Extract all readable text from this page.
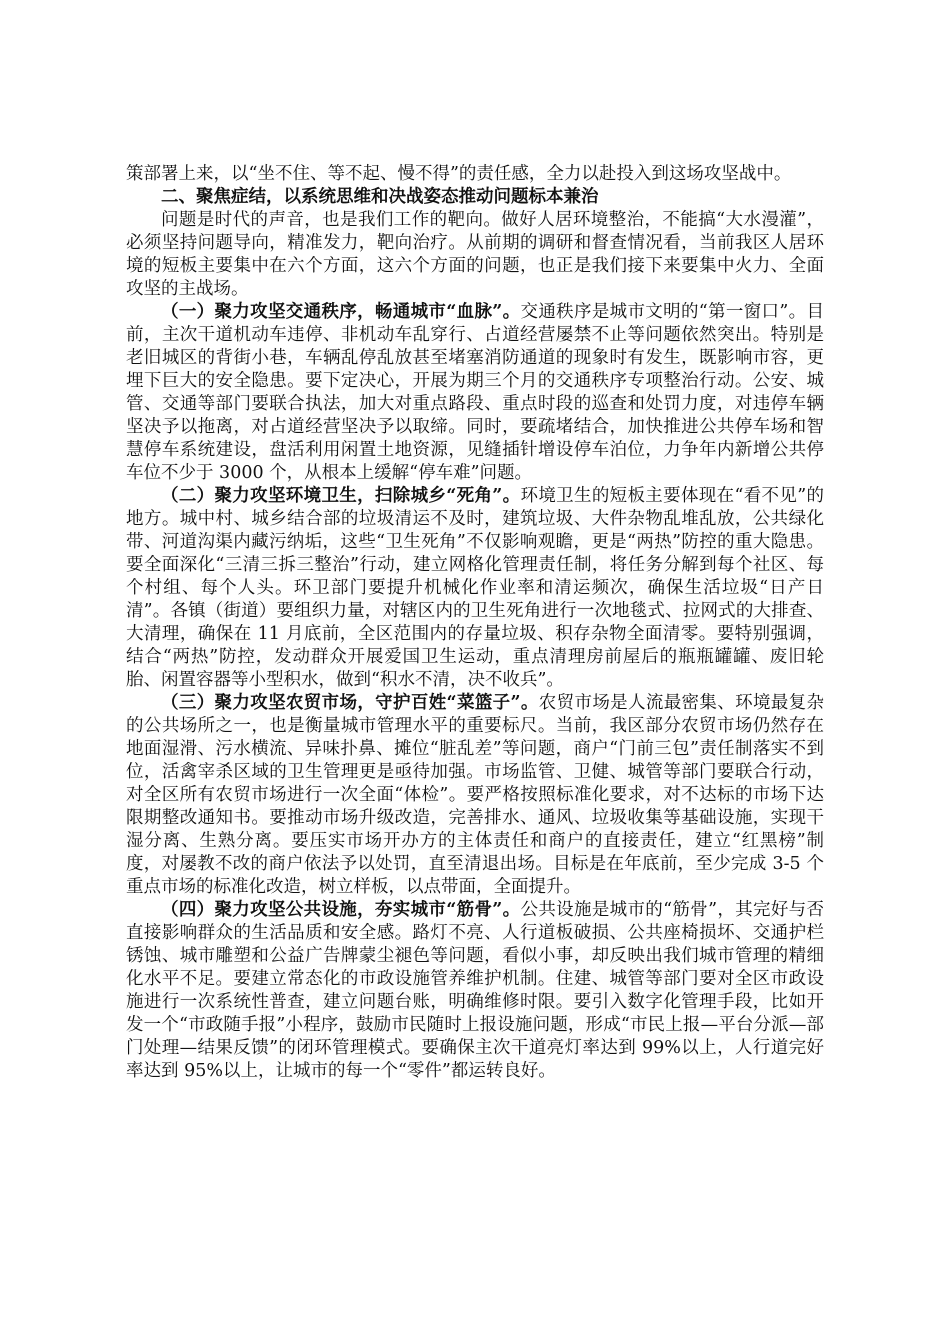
策部署上来，以“坐不住、等不起、慢不得”的责任感，全力以赴投入到这场攻坚战中。

二、聚焦症结，以系统思维和决战姿态推动问题标本兼治

问题是时代的声音，也是我们工作的靶向。做好人居环境整治，不能搞“大水漫灌”，必须坚持问题导向，精准发力，靶向治疗。从前期的调研和督查情况看，当前我区人居环境的短板主要集中在六个方面，这六个方面的问题，也正是我们接下来要集中火力、全面攻坚的主战场。

（一）聚力攻坚交通秩序，畅通城市“血脉”。交通秩序是城市文明的“第一窗口”。目前，主次干道机动车违停、非机动车乱穿行、占道经营屡禁不止等问题依然突出。特别是老旧城区的背街小巷，车辆乱停乱放甚至堵塞消防通道的现象时有发生，既影响市容，更埋下巨大的安全隐患。要下定决心，开展为期三个月的交通秩序专项整治行动。公安、城管、交通等部门要联合执法，加大对重点路段、重点时段的巡查和处罚力度，对违停车辆坚决予以拖离，对占道经营坚决予以取缔。同时，要疏堵结合，加快推进公共停车场和智慧停车系统建设，盘活利用闲置土地资源，见缝插针增设停车泊位，力争年内新增公共停车位不少于 3000 个，从根本上缓解“停车难”问题。

（二）聚力攻坚环境卫生，扫除城乡“死角”。环境卫生的短板主要体现在“看不见”的地方。城中村、城乡结合部的垃圾清运不及时，建筑垃圾、大件杂物乱堆乱放，公共绿化带、河道沟渠内藏污纳垢，这些“卫生死角”不仅影响观瞻，更是“两热”防控的重大隐患。要全面深化“三清三拆三整治”行动，建立网格化管理责任制，将任务分解到每个社区、每个村组、每个人头。环卫部门要提升机械化作业率和清运频次，确保生活垃圾“日产日清”。各镇（街道）要组织力量，对辖区内的卫生死角进行一次地毯式、拉网式的大排查、大清理，确保在 11 月底前，全区范围内的存量垃圾、积存杂物全面清零。要特别强调，结合“两热”防控，发动群众开展爱国卫生运动，重点清理房前屋后的瓶瓶罐罐、废旧轮胎、闲置容器等小型积水，做到“积水不清，决不收兵”。

（三）聚力攻坚农贸市场，守护百姓“菜篮子”。农贸市场是人流最密集、环境最复杂的公共场所之一，也是衡量城市管理水平的重要标尺。当前，我区部分农贸市场仍然存在地面湿滑、污水横流、异味扑鼻、摊位“脏乱差”等问题，商户“门前三包”责任制落实不到位，活禽宰杀区域的卫生管理更是亟待加强。市场监管、卫健、城管等部门要联合行动，对全区所有农贸市场进行一次全面“体检”。要严格按照标准化要求，对不达标的市场下达限期整改通知书。要推动市场升级改造，完善排水、通风、垃圾收集等基础设施，实现干湿分离、生熟分离。要压实市场开办方的主体责任和商户的直接责任，建立“红黑榜”制度，对屡教不改的商户依法予以处罚，直至清退出场。目标是在年底前，至少完成 3-5 个重点市场的标准化改造，树立样板，以点带面，全面提升。

（四）聚力攻坚公共设施，夯实城市“筋骨”。公共设施是城市的“筋骨”，其完好与否直接影响群众的生活品质和安全感。路灯不亮、人行道板破损、公共座椅损坏、交通护栏锈蚀、城市雕塑和公益广告牌蒙尘褪色等问题，看似小事，却反映出我们城市管理的精细化水平不足。要建立常态化的市政设施管养维护机制。住建、城管等部门要对全区市政设施进行一次系统性普查，建立问题台账，明确维修时限。要引入数字化管理手段，比如开发一个“市政随手报”小程序，鼓励市民随时上报设施问题，形成“市民上报—平台分派—部门处理—结果反馈”的闭环管理模式。要确保主次干道亮灯率达到 99%以上，人行道完好率达到 95%以上，让城市的每一个“零件”都运转良好。
